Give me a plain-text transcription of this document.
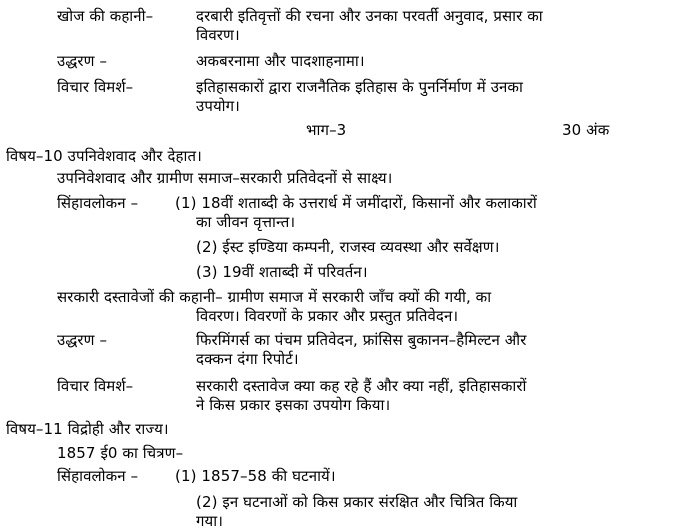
खोज की कहानी–	दरबारी इतिवृत्तों की रचना और उनका परवर्ती अनुवाद, प्रसार का
विवरण।
उद्धरण –	अकबरनामा और पादशाहनामा।
विचार विमर्श–	इतिहासकारों द्वारा राजनैतिक इतिहास के पुनर्निर्माण में उनका
उपयोग।
भाग–3	30 अंक
विषय–10 उपनिवेशवाद और देहात।
उपनिवेशवाद और ग्रामीण समाज–सरकारी प्रतिवेदनों से साक्ष्य।
सिंहावलोकन – (1) 18वीं शताब्दी के उत्तरार्ध में जमींदारों, किसानों और कलाकारों
का जीवन वृत्तान्त।
(2) ईस्ट इण्डिया कम्पनी, राजस्व व्यवस्था और सर्वेक्षण।
(3) 19वीं शताब्दी में परिवर्तन।
सरकारी दस्तावेजों की कहानी– ग्रामीण समाज में सरकारी जाँच क्यों की गयी, का
विवरण। विवरणों के प्रकार और प्रस्तुत प्रतिवेदन।
उद्धरण –	फिरमिंगर्स का पंचम प्रतिवेदन, फ्रांसिस बुकानन–हैमिल्टन और
दक्कन दंगा रिपोर्ट।
विचार विमर्श–	सरकारी दस्तावेज क्या कह रहे हैं और क्या नहीं, इतिहासकारों
ने किस प्रकार इसका उपयोग किया।
विषय–11 विद्रोही और राज्य।
1857 ई0 का चित्रण–
सिंहावलोकन – (1) 1857–58 की घटनायें।
(2) इन घटनाओं को किस प्रकार संरक्षित और चित्रित किया
गया।
